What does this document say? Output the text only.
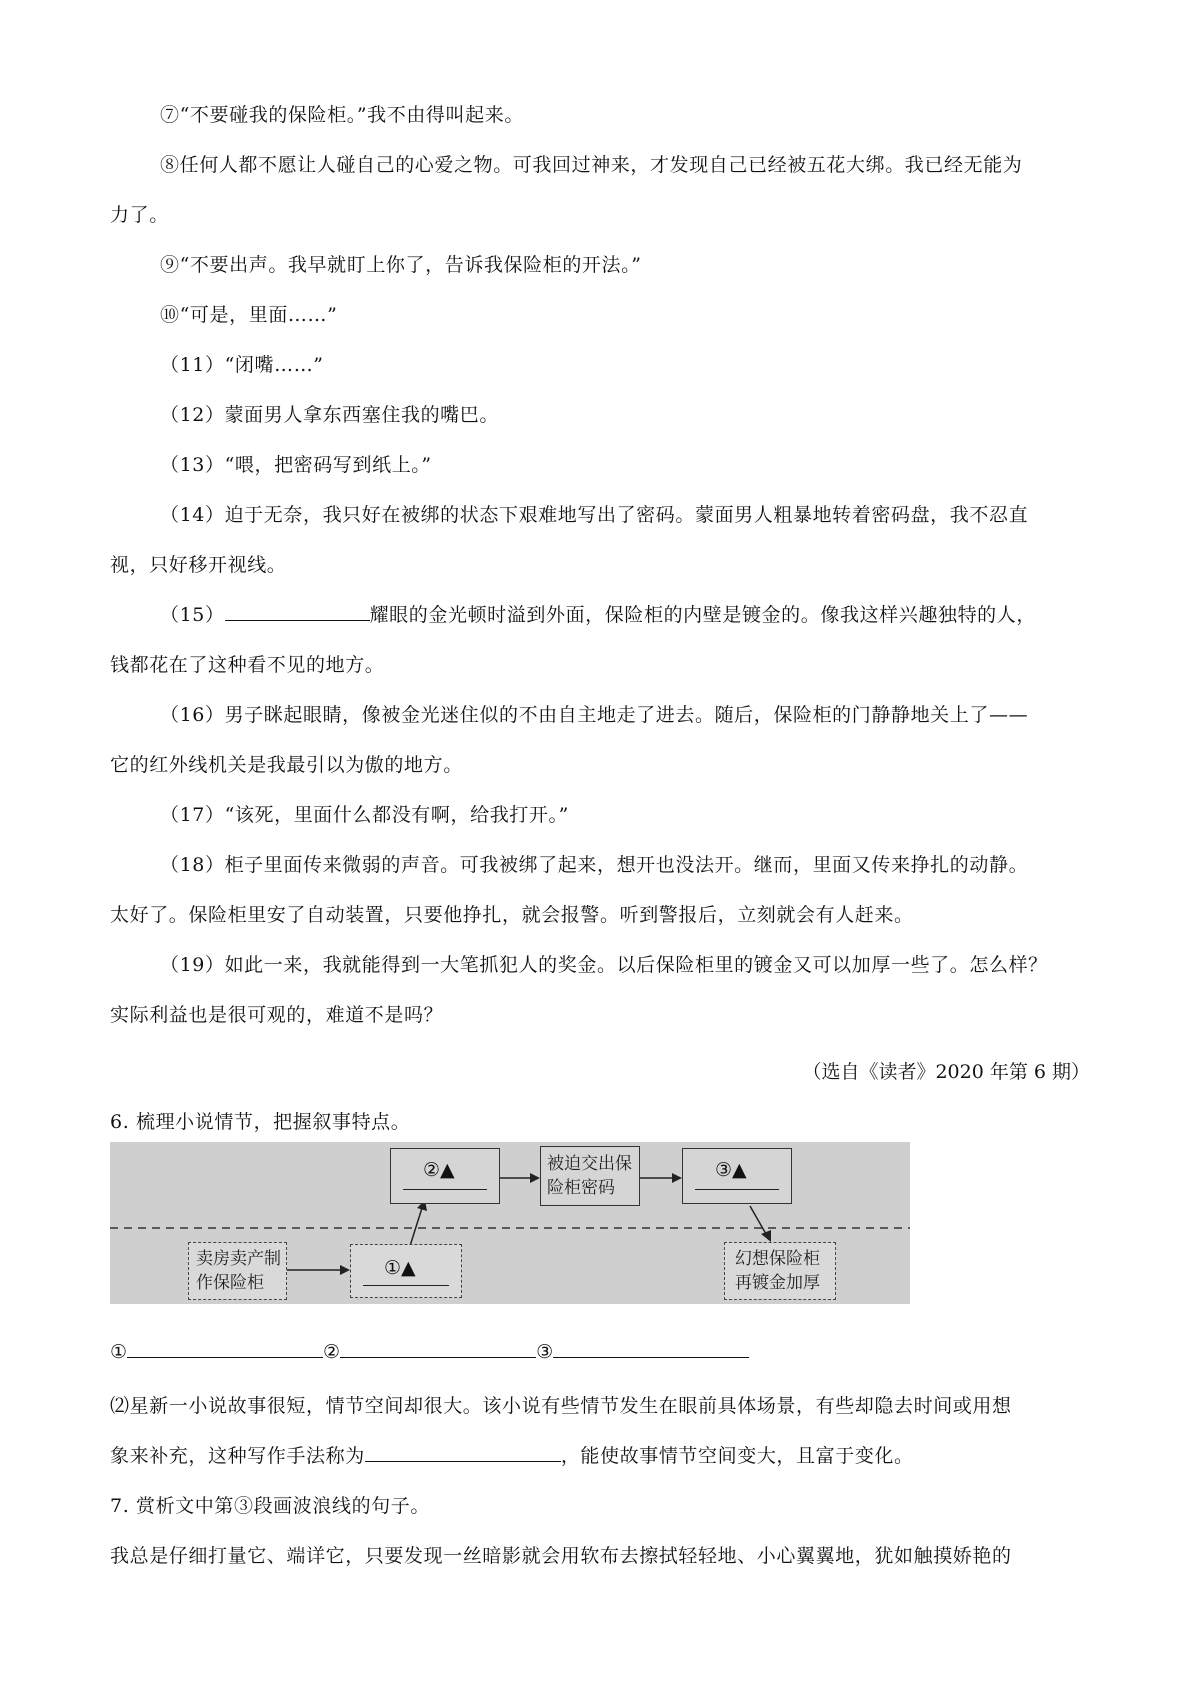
⑦“不要碰我的保险柜。”我不由得叫起来。
⑧任何人都不愿让人碰自己的心爱之物。可我回过神来，才发现自己已经被五花大绑。我已经无能为
力了。
⑨“不要出声。我早就盯上你了，告诉我保险柜的开法。”
⑩“可是，里面……”
（11）“闭嘴……”
（12）蒙面男人拿东西塞住我的嘴巴。
（13）“喂，把密码写到纸上。”
（14）迫于无奈，我只好在被绑的状态下艰难地写出了密码。蒙面男人粗暴地转着密码盘，我不忍直
视，只好移开视线。
（15）	耀眼的金光顿时溢到外面，保险柜的内壁是镀金的。像我这样兴趣独特的人，
钱都花在了这种看不见的地方。
（16）男子眯起眼睛，像被金光迷住似的不由自主地走了进去。随后，保险柜的门静静地关上了——
它的红外线机关是我最引以为傲的地方。
（17）“该死，里面什么都没有啊，给我打开。”
（18）柜子里面传来微弱的声音。可我被绑了起来，想开也没法开。继而，里面又传来挣扎的动静。
太好了。保险柜里安了自动装置，只要他挣扎，就会报警。听到警报后，立刻就会有人赶来。
（19）如此一来，我就能得到一大笔抓犯人的奖金。以后保险柜里的镀金又可以加厚一些了。怎么样？
实际利益也是很可观的，难道不是吗？
（选自《读者》2020 年第 6 期）
6. 梳理小说情节，把握叙事特点。
卖房卖产制
作保险柜
①▲
②▲	被迫交出保
险柜密码
③▲
幻想保险柜
再镀金加厚
①	②	③
⑵星新一小说故事很短，情节空间却很大。该小说有些情节发生在眼前具体场景，有些却隐去时间或用想
象来补充，这种写作手法称为	，能使故事情节空间变大，且富于变化。
7. 赏析文中第③段画波浪线的句子。
我总是仔细打量它、端详它，只要发现一丝暗影就会用软布去擦拭轻轻地、小心翼翼地，犹如触摸娇艳的
